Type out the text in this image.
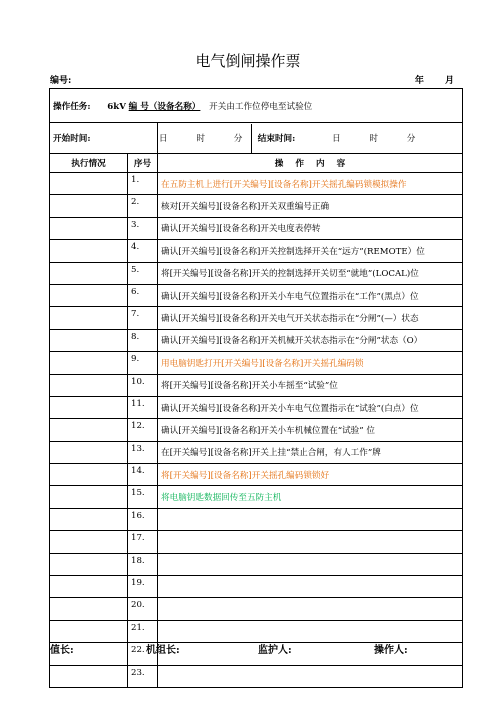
电气倒闸操作票
编号:	年 月
操作任务: 6kV 编 号（设备名称） 开关由工作位停电至试验位		
开始时间:		日 时 分 结束时间: 日 时 分
执行情况	序号	操 作 内 容
	1.	在五防主机上进行[开关编号][设备名称]开关摇孔编码锁模拟操作
	2.	核对[开关编号][设备名称]开关双重编号正确
	3.	确认[开关编号][设备名称]开关电度表停转
	4.	确认[开关编号][设备名称]开关控制选择开关在“远方”(REMOTE）位
	5.	将[开关编号][设备名称]开关的控制选择开关切至“就地”(LOCAL)位
	6.	确认[开关编号][设备名称]开关小车电气位置指示在“工作”(黑点）位
	7.	确认[开关编号][设备名称]开关电气开关状态指示在“分闸”(—）状态
	8.	确认[开关编号][设备名称]开关机械开关状态指示在“分闸”状态（O）
	9.	用电脑钥匙打开[开关编号][设备名称]开关摇孔编码锁
	10.	将[开关编号][设备名称]开关小车摇至“试验”位
	11.	确认[开关编号][设备名称]开关小车电气位置指示在“试验”(白点）位
	12.	确认[开关编号][设备名称]开关小车机械位置在“试验” 位
	13.	在[开关编号][设备名称]开关上挂“禁止合闸，有人工作”牌
	14.	将[开关编号][设备名称]开关摇孔编码锁锁好
	15.	将电脑钥匙数据回传至五防主机
	16.	
	17.	
	18.	
	19.	
	20.	
	21.	
	22.	
	23.	
值长:	机组长:	监护人:	操作人:
